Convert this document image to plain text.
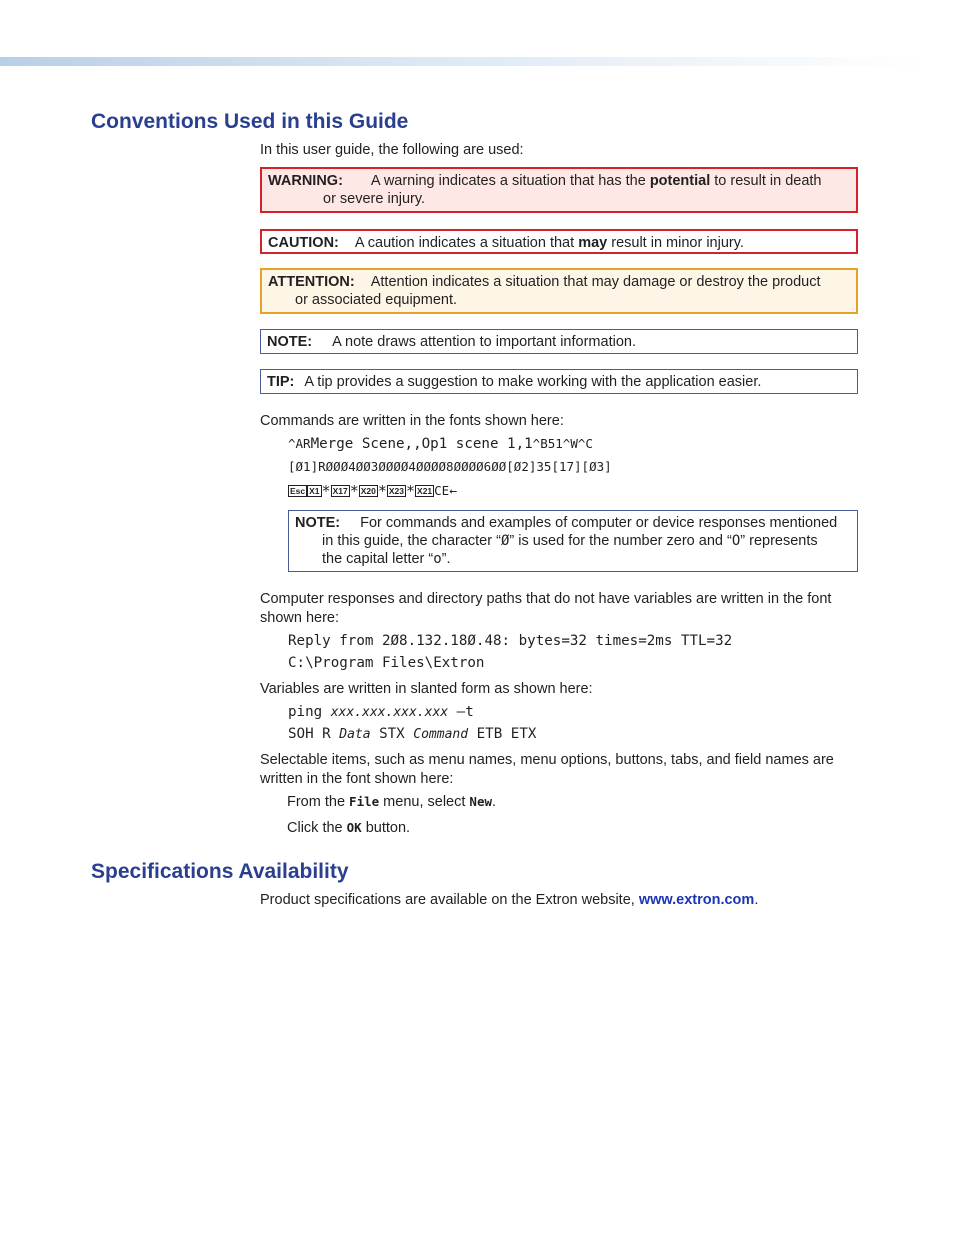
Conventions Used in this Guide

In this user guide, the following are used:

WARNING: A warning indicates a situation that has the potential to result in death
or severe injury.
CAUTION: A caution indicates a situation that may result in minor injury.
ATTENTION: Attention indicates a situation that may damage or destroy the product
or associated equipment.
NOTE: A note draws attention to important information.
TIP: A tip provides a suggestion to make working with the application easier.

Commands are written in the fonts shown here:

^ARMerge Scene,,Op1 scene 1,1^B51^W^C
[Ø1]RØØØ4ØØ3ØØØØ4ØØØØ8ØØØØ6ØØ[Ø2]35[17][Ø3]
Esc X1 * X17 * X20 * X23 * X21 CE←
NOTE: For commands and examples of computer or device responses mentioned
in this guide, the character “Ø” is used for the number zero and “O” represents
the capital letter “o”.

Computer responses and directory paths that do not have variables are written in the font shown here:

Reply from 2Ø8.132.18Ø.48: bytes=32 times=2ms TTL=32
C:\Program Files\Extron

Variables are written in slanted form as shown here:

ping xxx.xxx.xxx.xxx —t
SOH R Data STX Command ETB ETX

Selectable items, such as menu names, menu options, buttons, tabs, and field names are written in the font shown here:

From the File menu, select New.

Click the OK button.

Specifications Availability

Product specifications are available on the Extron website, www.extron.com.
